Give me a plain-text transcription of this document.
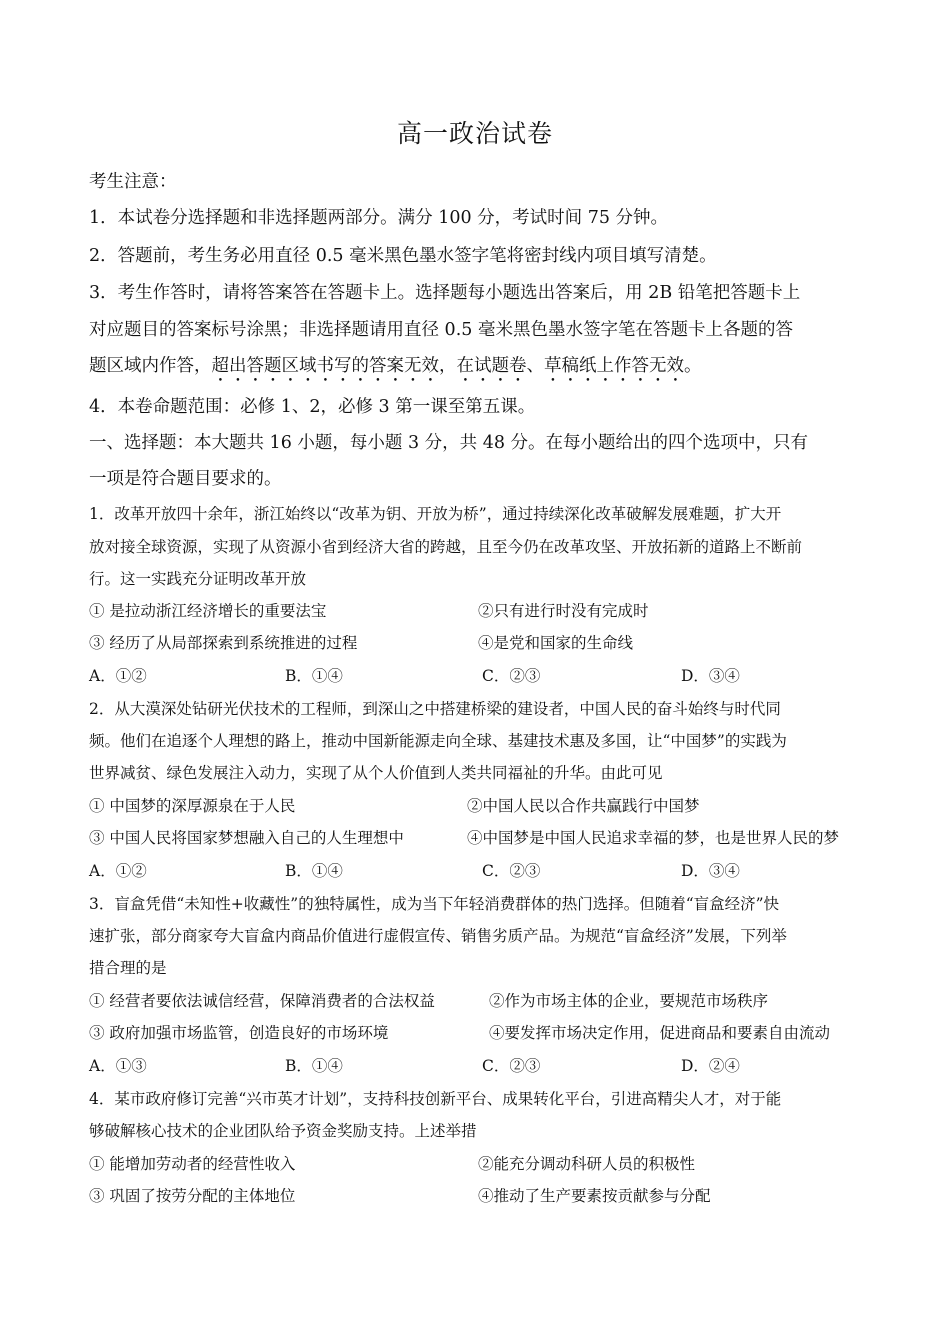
高一政治试卷
考生注意：
1．本试卷分选择题和非选择题两部分。满分 100 分，考试时间 75 分钟。
2．答题前，考生务必用直径 0.5 毫米黑色墨水签字笔将密封线内项目填写清楚。
3．考生作答时，请将答案答在答题卡上。选择题每小题选出答案后，用 2B 铅笔把答题卡上
对应题目的答案标号涂黑；非选择题请用直径 0.5 毫米黑色墨水签字笔在答题卡上各题的答
题区域内作答，超出答题区域书写的答案无效，在试题卷、草稿纸上作答无效。
4．本卷命题范围：必修 1、2，必修 3 第一课至第五课。
一、选择题：本大题共 16 小题，每小题 3 分，共 48 分。在每小题给出的四个选项中，只有
一项是符合题目要求的。
1．改革开放四十余年，浙江始终以“改革为钥、开放为桥”，通过持续深化改革破解发展难题，扩大开
放对接全球资源，实现了从资源小省到经济大省的跨越，且至今仍在改革攻坚、开放拓新的道路上不断前
行。这一实践充分证明改革开放
① 是拉动浙江经济增长的重要法宝	②只有进行时没有完成时
③ 经历了从局部探索到系统推进的过程	④是党和国家的生命线
A．①②	B．①④	C．②③	D．③④
2．从大漠深处钻研光伏技术的工程师，到深山之中搭建桥梁的建设者，中国人民的奋斗始终与时代同
频。他们在追逐个人理想的路上，推动中国新能源走向全球、基建技术惠及多国，让“中国梦”的实践为
世界减贫、绿色发展注入动力，实现了从个人价值到人类共同福祉的升华。由此可见
① 中国梦的深厚源泉在于人民	②中国人民以合作共赢践行中国梦
③ 中国人民将国家梦想融入自己的人生理想中	④中国梦是中国人民追求幸福的梦，也是世界人民的梦
A．①②	B．①④	C．②③	D．③④
3．盲盒凭借“未知性+收藏性”的独特属性，成为当下年轻消费群体的热门选择。但随着“盲盒经济”快
速扩张，部分商家夸大盲盒内商品价值进行虚假宣传、销售劣质产品。为规范“盲盒经济”发展，下列举
措合理的是
① 经营者要依法诚信经营，保障消费者的合法权益	②作为市场主体的企业，要规范市场秩序
③ 政府加强市场监管，创造良好的市场环境	④要发挥市场决定作用，促进商品和要素自由流动
A．①③	B．①④	C．②③	D．②④
4．某市政府修订完善“兴市英才计划”，支持科技创新平台、成果转化平台，引进高精尖人才，对于能
够破解核心技术的企业团队给予资金奖励支持。上述举措
① 能增加劳动者的经营性收入	②能充分调动科研人员的积极性
③ 巩固了按劳分配的主体地位	④推动了生产要素按贡献参与分配
